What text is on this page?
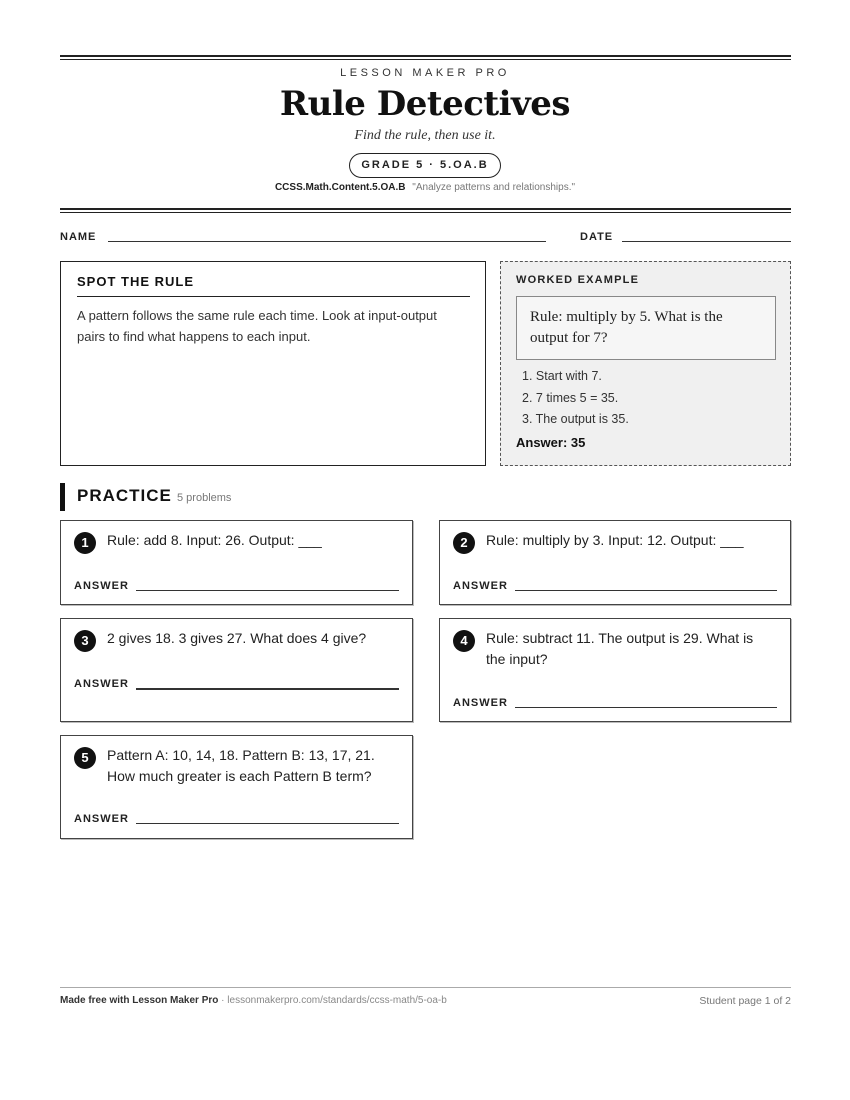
LESSON MAKER PRO
Rule Detectives
Find the rule, then use it.
GRADE 5 · 5.OA.B
CCSS.Math.Content.5.OA.B "Analyze patterns and relationships."
NAME	DATE
SPOT THE RULE
A pattern follows the same rule each time. Look at input-output pairs to find what happens to each input.
WORKED EXAMPLE
Rule: multiply by 5. What is the output for 7?
1. Start with 7.
2. 7 times 5 = 35.
3. The output is 35.
Answer: 35
PRACTICE 5 problems
1	Rule: add 8. Input: 26. Output: ___
ANSWER
2	Rule: multiply by 3. Input: 12. Output: ___
ANSWER
3	2 gives 18. 3 gives 27. What does 4 give?
ANSWER
4	Rule: subtract 11. The output is 29. What is the input?
ANSWER
5	Pattern A: 10, 14, 18. Pattern B: 13, 17, 21. How much greater is each Pattern B term?
ANSWER
Made free with Lesson Maker Pro · lessonmakerpro.com/standards/ccss-math/5-oa-b	Student page 1 of 2
